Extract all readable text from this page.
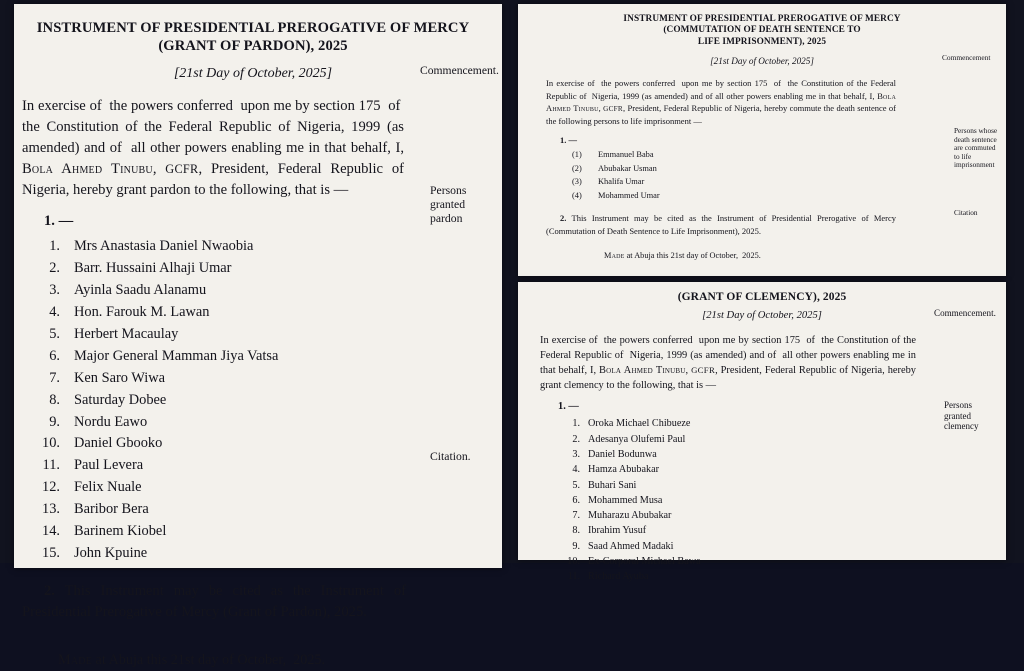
INSTRUMENT OF PRESIDENTIAL PREROGATIVE OF MERCY
(GRANT OF PARDON), 2025
[21st Day of October, 2025]	Commencement.
In exercise of  the powers conferred  upon me by section 175  of  the Constitution of the Federal Republic of Nigeria, 1999 (as amended) and of  all other powers enabling me in that behalf, I, Bola Ahmed Tinubu, GCFR, President, Federal Republic of Nigeria, hereby grant pardon to the following, that is —
1. —
1. Mrs Anastasia Daniel Nwaobia
2. Barr. Hussaini Alhaji Umar
3. Ayinla Saadu Alanamu
4. Hon. Farouk M. Lawan
5. Herbert Macaulay
6. Major General Mamman Jiya Vatsa
7. Ken Saro Wiwa
8. Saturday Dobee
9. Nordu Eawo
10. Daniel Gbooko
11. Paul Levera
12. Felix Nuale
13. Baribor Bera
14. Barinem Kiobel
15. John Kpuine
2. This Instrument may be cited as the Instrument of Presidential Prerogative of Mercy (Grant of Pardon), 2025.
Made at Abuja this 21st day of October,  2025.
Persons granted pardon
Citation.
INSTRUMENT OF PRESIDENTIAL PREROGATIVE OF MERCY
(COMMUTATION OF DEATH SENTENCE TO
LIFE IMPRISONMENT), 2025
[21st Day of October, 2025]	Commencement
In exercise of  the powers conferred  upon me by section 175  of  the Constitution of the Federal Republic of  Nigeria, 1999 (as amended) and of all other powers enabling me in that behalf, I, Bola Ahmed Tinubu, GCFR, President, Federal Republic of Nigeria, hereby commute the death sentence of the following persons to life imprisonment —
1. —
(1)	Emmanuel Baba
(2)	Abubakar Usman
(3)	Khalifa Umar
(4)	Mohammed Umar
2. This Instrument may be cited as the Instrument of Presidential Prerogative of Mercy (Commutation of Death Sentence to Life Imprisonment), 2025.
Made at Abuja this 21st day of October,  2025.
Persons whose death sentence are commuted to life imprisonment
Citation
(GRANT OF CLEMENCY), 2025
[21st Day of October, 2025]	Commencement.
In exercise of  the powers conferred  upon me by section 175  of  the Constitution of the Federal Republic of  Nigeria, 1999 (as amended) and of  all other powers enabling me in that behalf, I, Bola Ahmed Tinubu, GCFR, President, Federal Republic of Nigeria, hereby grant clemency to the following, that is —
1. —
1. Oroka Michael Chibueze
2. Adesanya Olufemi Paul
3. Daniel Bodunwa
4. Hamza Abubakar
5. Buhari Sani
6. Mohammed Musa
7. Muharazu Abubakar
8. Ibrahim Yusuf
9. Saad Ahmed Madaki
10. Ex-Corporal Michael Bawa
11. Richard Ayuba
Persons granted clemency
